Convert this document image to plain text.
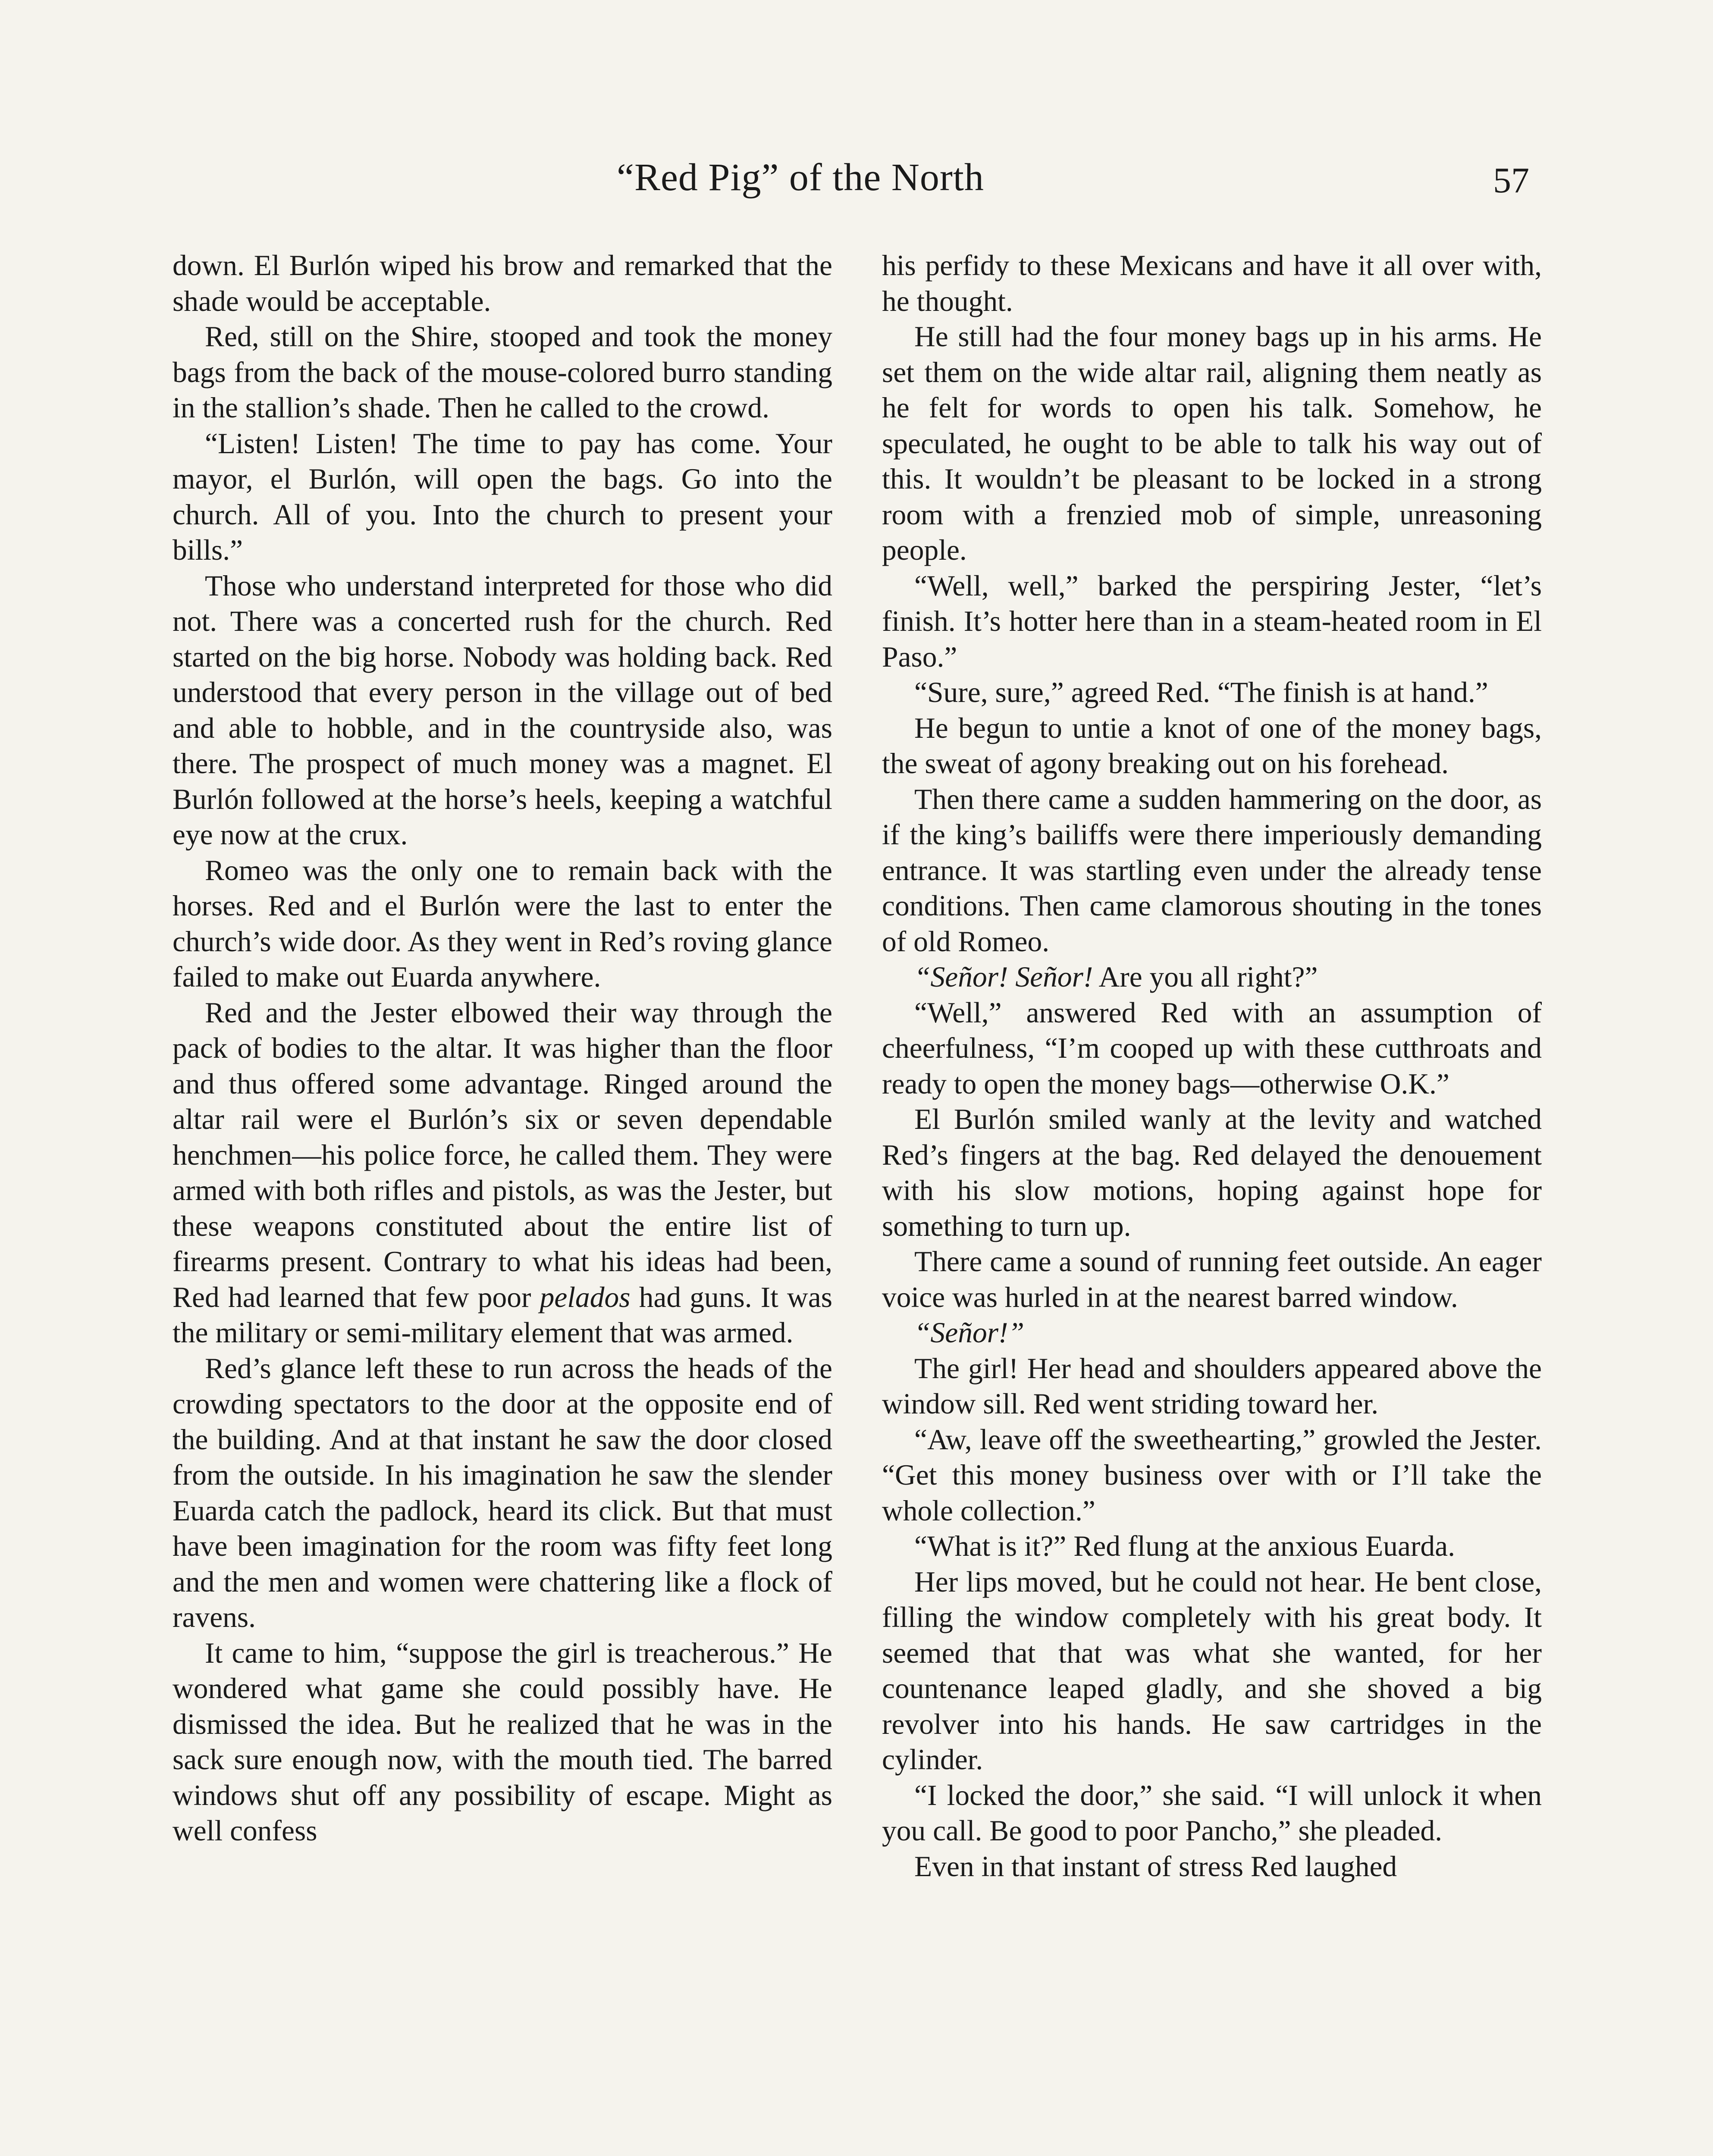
“Red Pig” of the North	57

down. El Burlón wiped his brow and remarked that the shade would be acceptable.

Red, still on the Shire, stooped and took the money bags from the back of the mouse-colored burro standing in the stallion’s shade. Then he called to the crowd.

“Listen! Listen! The time to pay has come. Your mayor, el Burlón, will open the bags. Go into the church. All of you. Into the church to present your bills.”

Those who understand interpreted for those who did not. There was a concerted rush for the church. Red started on the big horse. Nobody was holding back. Red understood that every person in the village out of bed and able to hobble, and in the countryside also, was there. The prospect of much money was a magnet. El Burlón followed at the horse’s heels, keeping a watchful eye now at the crux.

Romeo was the only one to remain back with the horses. Red and el Burlón were the last to enter the church’s wide door. As they went in Red’s roving glance failed to make out Euarda anywhere.

Red and the Jester elbowed their way through the pack of bodies to the altar. It was higher than the floor and thus offered some advantage. Ringed around the altar rail were el Burlón’s six or seven dependable henchmen—his police force, he called them. They were armed with both rifles and pistols, as was the Jester, but these weapons constituted about the entire list of firearms present. Contrary to what his ideas had been, Red had learned that few poor pelados had guns. It was the military or semi-military element that was armed.

Red’s glance left these to run across the heads of the crowding spectators to the door at the opposite end of the building. And at that instant he saw the door closed from the outside. In his imagination he saw the slender Euarda catch the padlock, heard its click. But that must have been imagination for the room was fifty feet long and the men and women were chattering like a flock of ravens.

It came to him, “suppose the girl is treacherous.” He wondered what game she could possibly have. He dismissed the idea. But he realized that he was in the sack sure enough now, with the mouth tied. The barred windows shut off any possibility of escape. Might as well confess

his perfidy to these Mexicans and have it all over with, he thought.

He still had the four money bags up in his arms. He set them on the wide altar rail, aligning them neatly as he felt for words to open his talk. Somehow, he speculated, he ought to be able to talk his way out of this. It wouldn’t be pleasant to be locked in a strong room with a frenzied mob of simple, unreasoning people.

“Well, well,” barked the perspiring Jester, “let’s finish. It’s hotter here than in a steam-heated room in El Paso.”

“Sure, sure,” agreed Red. “The finish is at hand.”

He begun to untie a knot of one of the money bags, the sweat of agony breaking out on his forehead.

Then there came a sudden hammering on the door, as if the king’s bailiffs were there imperiously demanding entrance. It was startling even under the already tense conditions. Then came clamorous shouting in the tones of old Romeo.

“Señor! Señor! Are you all right?”

“Well,” answered Red with an assumption of cheerfulness, “I’m cooped up with these cutthroats and ready to open the money bags—otherwise O.K.”

El Burlón smiled wanly at the levity and watched Red’s fingers at the bag. Red delayed the denouement with his slow motions, hoping against hope for something to turn up.

There came a sound of running feet outside. An eager voice was hurled in at the nearest barred window.

“Señor!”

The girl! Her head and shoulders appeared above the window sill. Red went striding toward her.

“Aw, leave off the sweethearting,” growled the Jester. “Get this money business over with or I’ll take the whole collection.”

“What is it?” Red flung at the anxious Euarda.

Her lips moved, but he could not hear. He bent close, filling the window completely with his great body. It seemed that that was what she wanted, for her countenance leaped gladly, and she shoved a big revolver into his hands. He saw cartridges in the cylinder.

“I locked the door,” she said. “I will unlock it when you call. Be good to poor Pancho,” she pleaded.

Even in that instant of stress Red laughed
